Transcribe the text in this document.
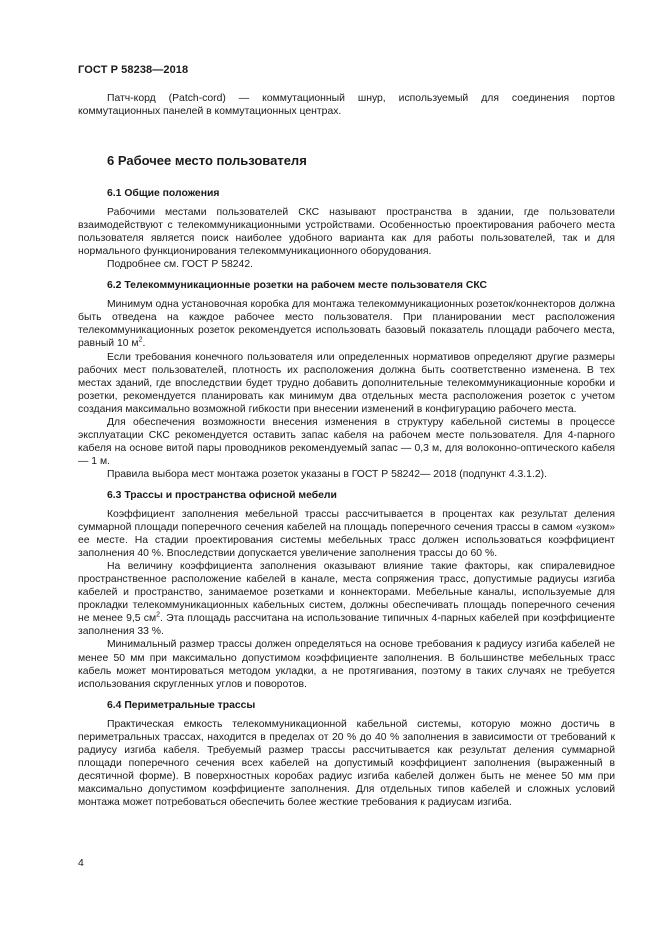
ГОСТ Р 58238—2018

Патч-корд (Patch-cord) — коммутационный шнур, используемый для соединения портов коммутационных панелей в коммутационных центрах.

6 Рабочее место пользователя
6.1 Общие положения

Рабочими местами пользователей СКС называют пространства в здании, где пользователи взаимодействуют с телекоммуникационными устройствами. Особенностью проектирования рабочего места пользователя является поиск наиболее удобного варианта как для работы пользователей, так и для нормального функционирования телекоммуникационного оборудования.

Подробнее см. ГОСТ Р 58242.

6.2 Телекоммуникационные розетки на рабочем месте пользователя СКС

Минимум одна установочная коробка для монтажа телекоммуникационных розеток/коннекторов должна быть отведена на каждое рабочее место пользователя. При планировании мест расположения телекоммуникационных розеток рекомендуется использовать базовый показатель площади рабочего места, равный 10 $м^2$.

Если требования конечного пользователя или определенных нормативов определяют другие размеры рабочих мест пользователей, плотность их расположения должна быть соответственно изменена. В тех местах зданий, где впоследствии будет трудно добавить дополнительные телекоммуникационные коробки и розетки, рекомендуется планировать как минимум два отдельных места расположения розеток с учетом создания максимально возможной гибкости при внесении изменений в конфигурацию рабочего места.

Для обеспечения возможности внесения изменения в структуру кабельной системы в процессе эксплуатации СКС рекомендуется оставить запас кабеля на рабочем месте пользователя. Для 4-парного кабеля на основе витой пары проводников рекомендуемый запас — 0,3 м, для волоконно-оптического кабеля — 1 м.

Правила выбора мест монтажа розеток указаны в ГОСТ Р 58242— 2018 (подпункт 4.3.1.2).

6.3 Трассы и пространства офисной мебели

Коэффициент заполнения мебельной трассы рассчитывается в процентах как результат деления суммарной площади поперечного сечения кабелей на площадь поперечного сечения трассы в самом «узком» ее месте. На стадии проектирования системы мебельных трасс должен использоваться коэффициент заполнения 40 %. Впоследствии допускается увеличение заполнения трассы до 60 %.

На величину коэффициента заполнения оказывают влияние такие факторы, как спиралевидное пространственное расположение кабелей в канале, места сопряжения трасс, допустимые радиусы изгиба кабелей и пространство, занимаемое розетками и коннекторами. Мебельные каналы, используемые для прокладки телекоммуникационных кабельных систем, должны обеспечивать площадь поперечного сечения не менее 9,5 $см^2$. Эта площадь рассчитана на использование типичных 4-парных кабелей при коэффициенте заполнения 33 %.

Минимальный размер трассы должен определяться на основе требования к радиусу изгиба кабелей не менее 50 мм при максимально допустимом коэффициенте заполнения. В большинстве мебельных трасс кабель может монтироваться методом укладки, а не протягивания, поэтому в таких случаях не требуется использования скругленных углов и поворотов.

6.4 Периметральные трассы

Практическая емкость телекоммуникационной кабельной системы, которую можно достичь в периметральных трассах, находится в пределах от 20 % до 40 % заполнения в зависимости от требований к радиусу изгиба кабеля. Требуемый размер трассы рассчитывается как результат деления суммарной площади поперечного сечения всех кабелей на допустимый коэффициент заполнения (выраженный в десятичной форме). В поверхностных коробах радиус изгиба кабелей должен быть не менее 50 мм при максимально допустимом коэффициенте заполнения. Для отдельных типов кабелей и сложных условий монтажа может потребоваться обеспечить более жесткие требования к радиусам изгиба.

4
